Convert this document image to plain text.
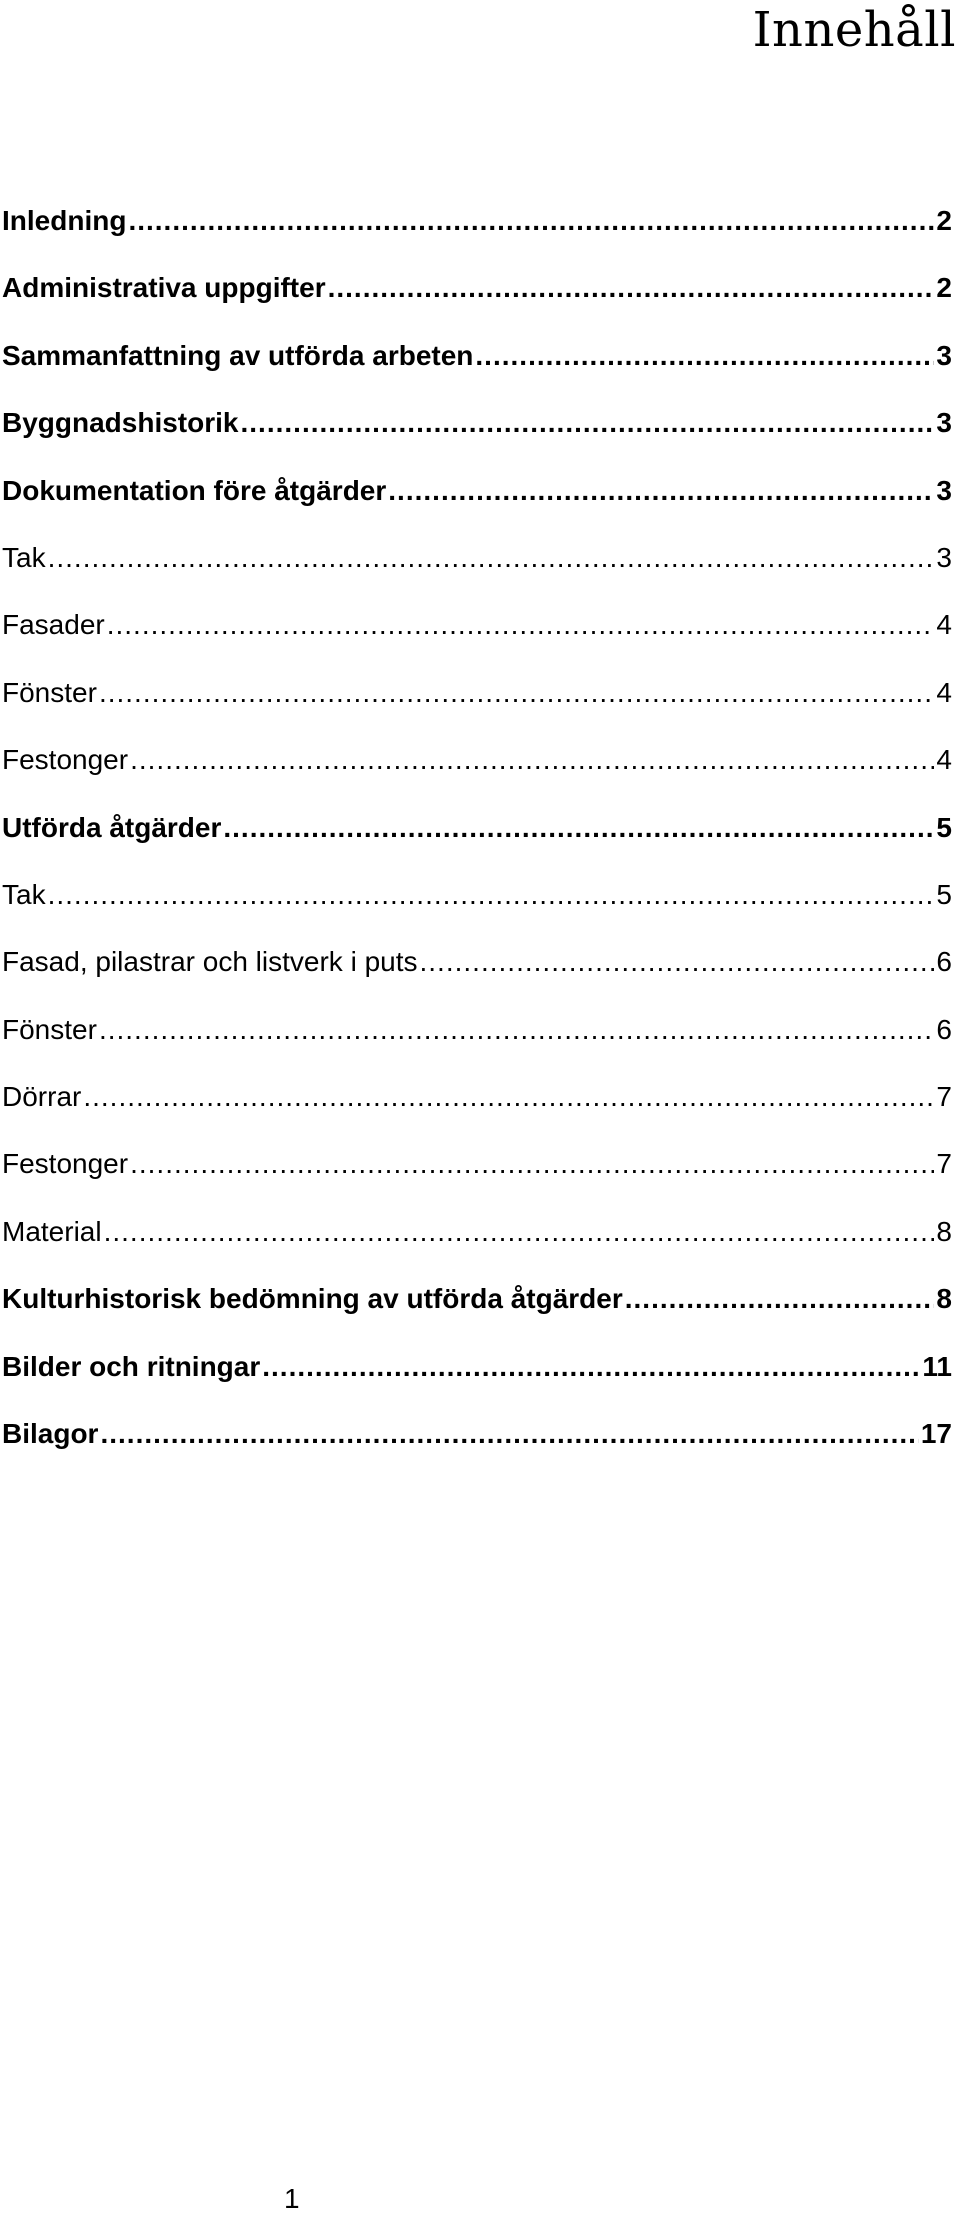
Innehåll
Inledning .....	2
Administrativa uppgifter .....	2
Sammanfattning av utförda arbeten .....	3
Byggnadshistorik .....	3
Dokumentation före åtgärder .....	3
Tak .....	3
Fasader .....	4
Fönster .....	4
Festonger .....	4
Utförda åtgärder .....	5
Tak .....	5
Fasad, pilastrar och listverk i puts .....	6
Fönster .....	6
Dörrar .....	7
Festonger .....	7
Material .....	8
Kulturhistorisk bedömning av utförda åtgärder .....	8
Bilder och ritningar .....	11
Bilagor .....	17
1
